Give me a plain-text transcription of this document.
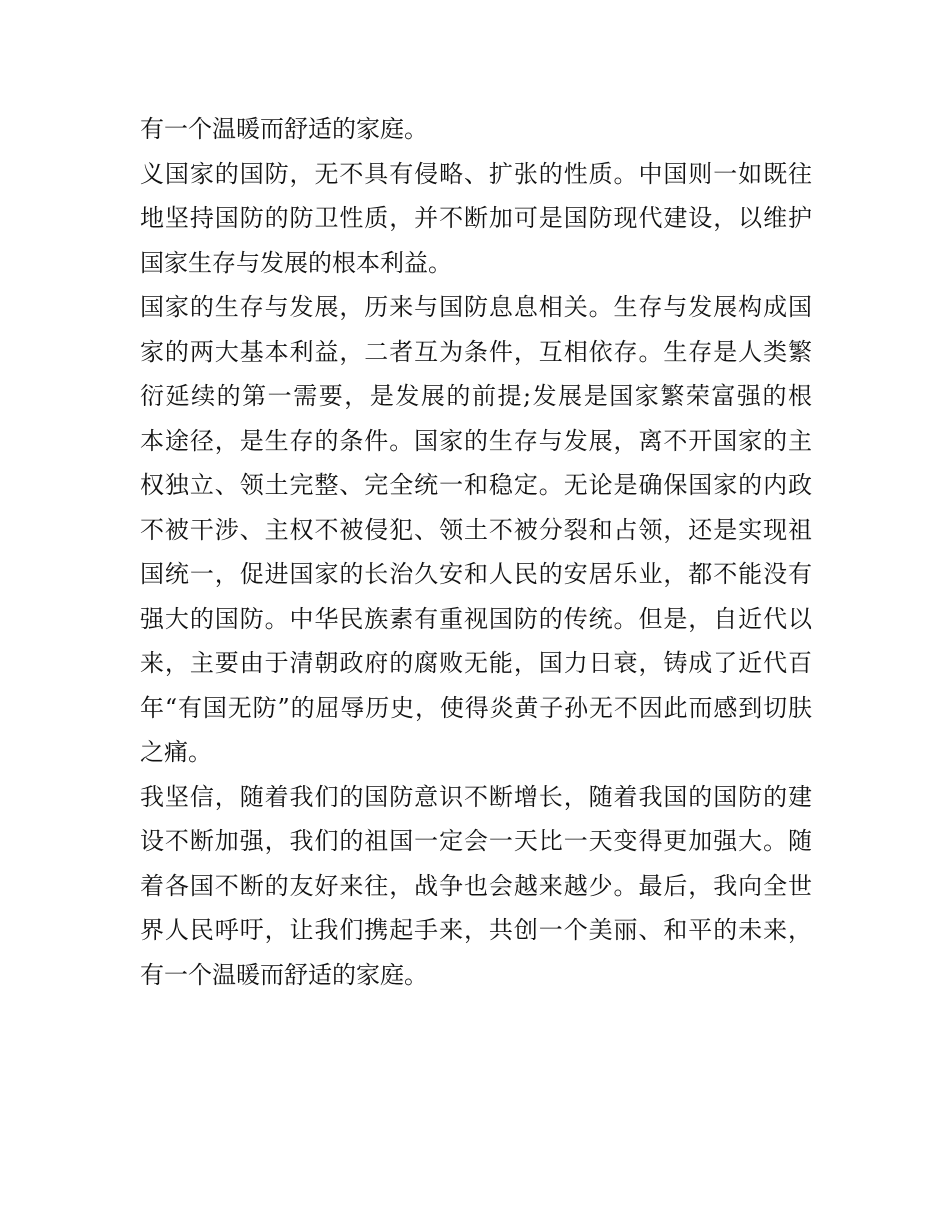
有一个温暖而舒适的家庭。
义国家的国防，无不具有侵略、扩张的性质。中国则一如既往
地坚持国防的防卫性质，并不断加可是国防现代建设，以维护
国家生存与发展的根本利益。
国家的生存与发展，历来与国防息息相关。生存与发展构成国
家的两大基本利益，二者互为条件，互相依存。生存是人类繁
衍延续的第一需要，是发展的前提;发展是国家繁荣富强的根
本途径，是生存的条件。国家的生存与发展，离不开国家的主
权独立、领土完整、完全统一和稳定。无论是确保国家的内政
不被干涉、主权不被侵犯、领土不被分裂和占领，还是实现祖
国统一，促进国家的长治久安和人民的安居乐业，都不能没有
强大的国防。中华民族素有重视国防的传统。但是，自近代以
来，主要由于清朝政府的腐败无能，国力日衰，铸成了近代百
年“有国无防”的屈辱历史，使得炎黄子孙无不因此而感到切肤
之痛。
我坚信，随着我们的国防意识不断增长，随着我国的国防的建
设不断加强，我们的祖国一定会一天比一天变得更加强大。随
着各国不断的友好来往，战争也会越来越少。最后，我向全世
界人民呼吁，让我们携起手来，共创一个美丽、和平的未来，
有一个温暖而舒适的家庭。
